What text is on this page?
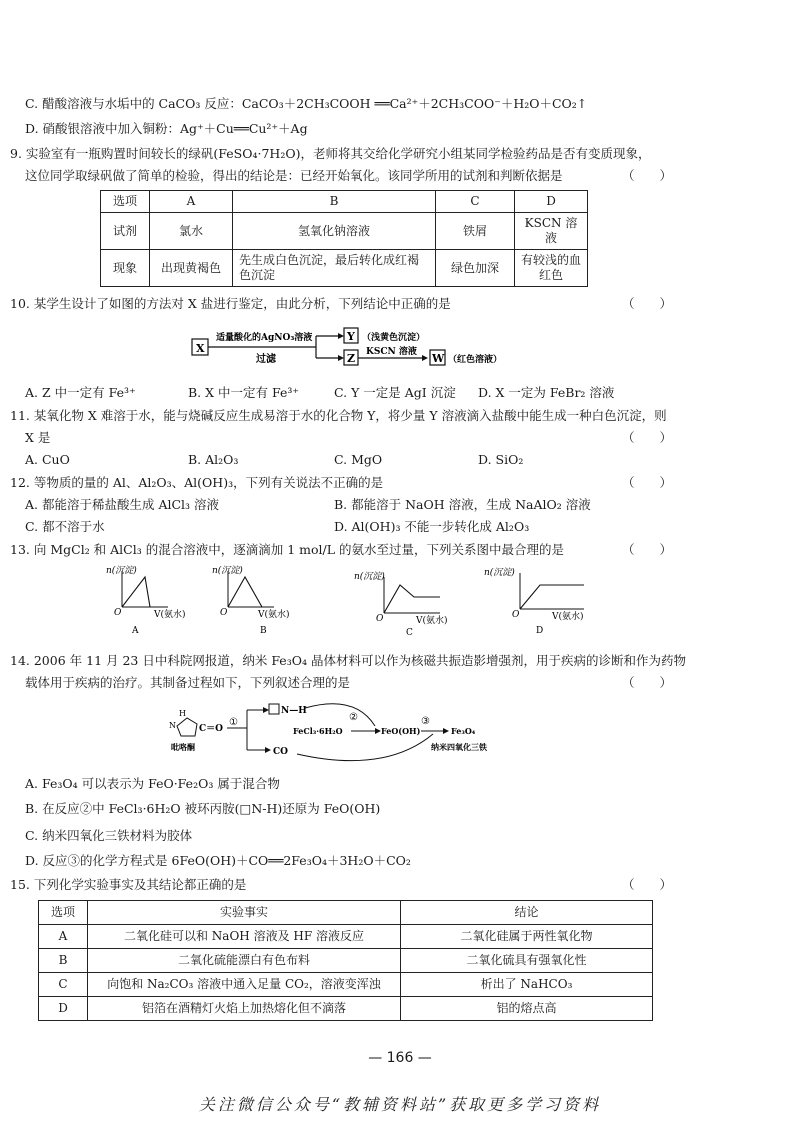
C. 醋酸溶液与水垢中的 CaCO₃ 反应：CaCO₃＋2CH₃COOH ══Ca²⁺＋2CH₃COO⁻＋H₂O＋CO₂↑
D. 硝酸银溶液中加入铜粉：Ag⁺＋Cu══Cu²⁺＋Ag
9. 实验室有一瓶购置时间较长的绿矾(FeSO₄·7H₂O)，老师将其交给化学研究小组某同学检验药品是否有变质现象，
这位同学取绿矾做了简单的检验，得出的结论是：已经开始氧化。该同学所用的试剂和判断依据是	（　　）
选项	A	B	C	D
试剂	氯水	氢氧化钠溶液	铁屑	KSCN 溶液
现象	出现黄褐色	先生成白色沉淀，最后转化成红褐色沉淀	绿色加深	有较浅的血红色
10. 某学生设计了如图的方法对 X 盐进行鉴定，由此分析，下列结论中正确的是	（　　）
X
适量酸化的AgNO₃溶液
过滤
Y （浅黄色沉淀）
Z KSCN 溶液 W （红色溶液）
A. Z 中一定有 Fe³⁺	B. X 中一定有 Fe³⁺	C. Y 一定是 AgI 沉淀 D. X 一定为 FeBr₂ 溶液
11. 某氧化物 X 难溶于水，能与烧碱反应生成易溶于水的化合物 Y，将少量 Y 溶液滴入盐酸中能生成一种白色沉淀，则
X 是	（　　）
A. CuO	B. Al₂O₃	C. MgO	D. SiO₂
12. 等物质的量的 Al、Al₂O₃、Al(OH)₃，下列有关说法不正确的是	（　　）
A. 都能溶于稀盐酸生成 AlCl₃ 溶液	B. 都能溶于 NaOH 溶液，生成 NaAlO₂ 溶液
C. 都不溶于水	D. Al(OH)₃ 不能一步转化成 Al₂O₃
13. 向 MgCl₂ 和 AlCl₃ 的混合溶液中，逐滴滴加 1 mol/L 的氨水至过量，下列关系图中最合理的是	（　　）
n(沉淀)
O	V(氨水)
A
n(沉淀)
O	V(氨水)
B
n(沉淀)
O	V(氨水)
C
n(沉淀)
O	V(氨水)
D
14. 2006 年 11 月 23 日中科院网报道，纳米 Fe₃O₄ 晶体材料可以作为核磁共振造影增强剂，用于疾病的诊断和作为药物
载体用于疾病的治疗。其制备过程如下，下列叙述合理的是	（　　）
H
N	C＝O
吡咯酮
①
N—H
CO
②
FeCl₃·6H₂O	FeO(OH)
③
Fe₃O₄
纳米四氧化三铁
A. Fe₃O₄ 可以表示为 FeO·Fe₂O₃ 属于混合物
B. 在反应②中 FeCl₃·6H₂O 被环丙胺(□N-H)还原为 FeO(OH)
C. 纳米四氧化三铁材料为胶体
D. 反应③的化学方程式是 6FeO(OH)＋CO══2Fe₃O₄＋3H₂O＋CO₂
15. 下列化学实验事实及其结论都正确的是	（　　）
选项	实验事实	结论
A	二氧化硅可以和 NaOH 溶液及 HF 溶液反应	二氧化硅属于两性氧化物
B	二氧化硫能漂白有色布料	二氧化硫具有强氧化性
C	向饱和 Na₂CO₃ 溶液中通入足量 CO₂，溶液变浑浊	析出了 NaHCO₃
D	铝箔在酒精灯火焰上加热熔化但不滴落	铝的熔点高
— 166 —
关注微信公众号“教辅资料站”获取更多学习资料
